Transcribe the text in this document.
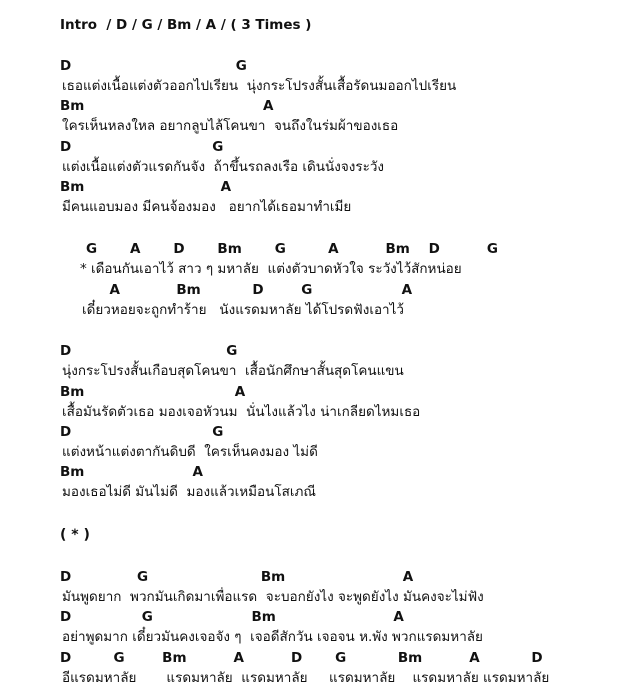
Intro  / D / G / Bm / A / ( 3 Times )
D                                   G
เธอแต่งเนื้อแต่งตัวออกไปเรียน  นุ่งกระโปรงสั้นเสื้อรัดนมออกไปเรียน
Bm                                      A
ใครเห็นหลงใหล อยากลูบไล้โคนขา  จนถึงในร่มผ้าของเธอ
D                              G
แต่งเนื้อแต่งตัวแรดกันจัง  ถ้าขึ้นรถลงเรือ เดินนั่งจงระวัง
Bm                             A
มีคนแอบมอง มีคนจ้องมอง   อยากได้เธอมาทำเมีย
G       A       D       Bm       G         A          Bm    D          G
* เดือนกันเอาไว้ สาว ๆ มหาลัย  แต่งตัวบาดหัวใจ ระวังไว้สักหน่อย
A            Bm           D        G                   A
เดี๋ยวหอยจะถูกทำร้าย   นังแรดมหาลัย ได้โปรดฟังเอาไว้
D                                 G
นุ่งกระโปรงสั้นเกือบสุดโคนขา  เสื้อนักศึกษาสั้นสุดโคนแขน
Bm                                A
เสื้อมันรัดตัวเธอ มองเจอหัวนม  นั่นไงแล้วไง น่าเกลียดไหมเธอ
D                              G
แต่งหน้าแต่งตากันดิบดี  ใครเห็นคงมอง ไม่ดี
Bm                       A
มองเธอไม่ดี มันไม่ดี  มองแล้วเหมือนโสเภณี
( * )
D              G                        Bm                         A
มันพูดยาก  พวกมันเกิดมาเพื่อแรด  จะบอกยังไง จะพูดยังไง มันคงจะไม่ฟัง
D               G                     Bm                         A
อย่าพูดมาก เดี๋ยวมันคงเจอจัง ๆ  เจอดีสักวัน เจอจน ห.พัง พวกแรดมหาลัย
D         G        Bm          A          D       G           Bm          A           D
อีแรดมหาลัย       แรดมหาลัย  แรดมหาลัย     แรดมหาลัย    แรดมหาลัย แรดมหาลัย
